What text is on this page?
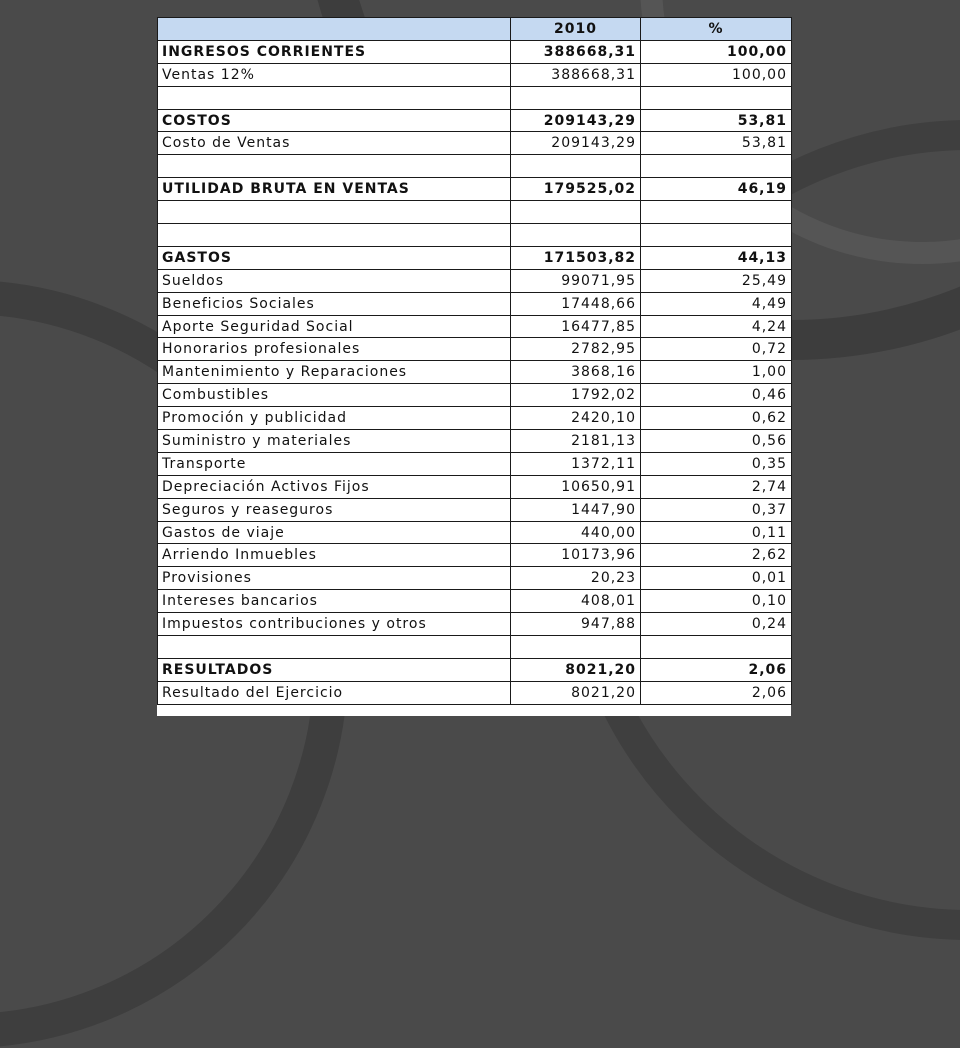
	2010	%
INGRESOS CORRIENTES	388668,31	100,00
Ventas 12%	388668,31	100,00

COSTOS	209143,29	53,81
Costo de Ventas	209143,29	53,81

UTILIDAD BRUTA EN VENTAS	179525,02	46,19

GASTOS	171503,82	44,13
Sueldos	99071,95	25,49
Beneficios Sociales	17448,66	4,49
Aporte Seguridad Social	16477,85	4,24
Honorarios profesionales	2782,95	0,72
Mantenimiento y Reparaciones	3868,16	1,00
Combustibles	1792,02	0,46
Promoción y publicidad	2420,10	0,62
Suministro y materiales	2181,13	0,56
Transporte	1372,11	0,35
Depreciación Activos Fijos	10650,91	2,74
Seguros y reaseguros	1447,90	0,37
Gastos de viaje	440,00	0,11
Arriendo Inmuebles	10173,96	2,62
Provisiones	20,23	0,01
Intereses bancarios	408,01	0,10
Impuestos contribuciones y otros	947,88	0,24

RESULTADOS	8021,20	2,06
Resultado del Ejercicio	8021,20	2,06
